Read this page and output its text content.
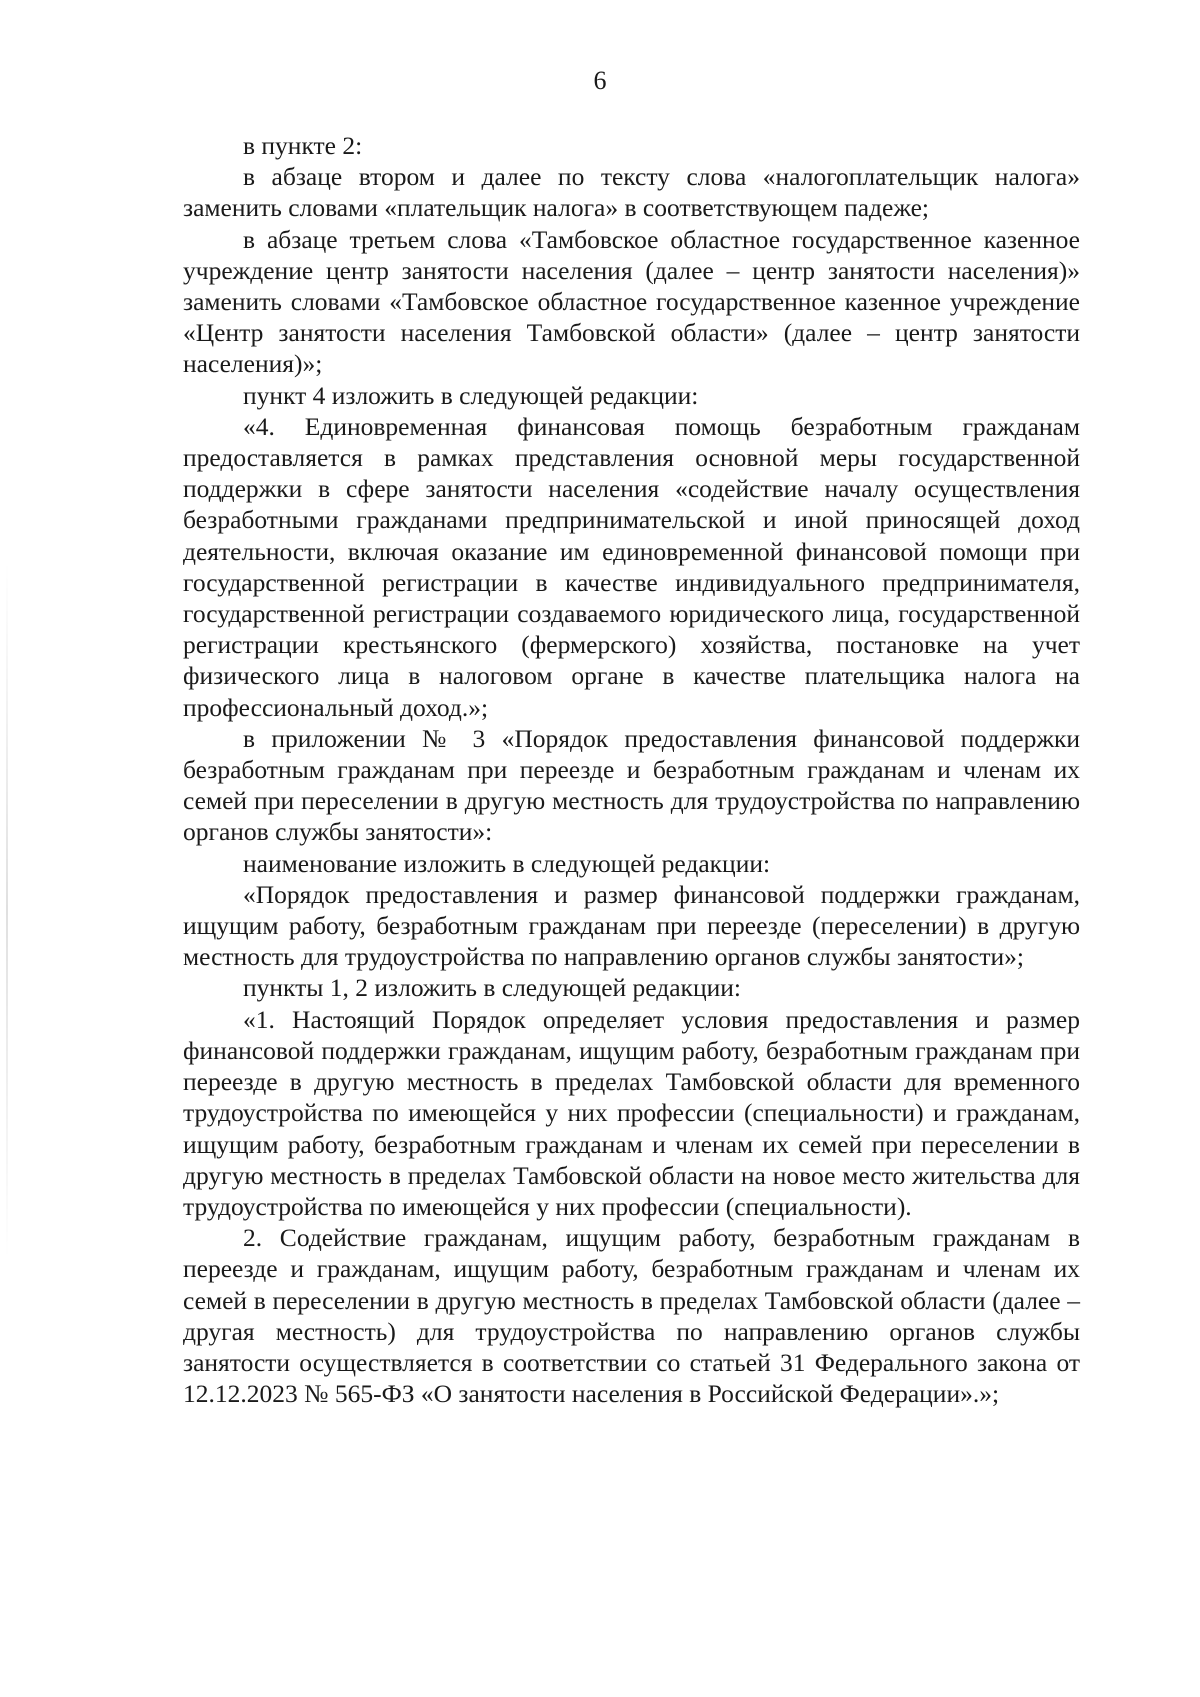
6

в пункте 2:

в абзаце втором и далее по тексту слова «налогоплательщик налога» заменить словами «плательщик налога» в соответствующем падеже;

в абзаце третьем слова «Тамбовское областное государственное казенное учреждение центр занятости населения (далее – центр занятости населения)» заменить словами «Тамбовское областное государственное казенное учреждение «Центр занятости населения Тамбовской области» (далее – центр занятости населения)»;

пункт 4 изложить в следующей редакции:

«4. Единовременная финансовая помощь безработным гражданам предоставляется в рамках представления основной меры государственной поддержки в сфере занятости населения «содействие началу осуществления безработными гражданами предпринимательской и иной приносящей доход деятельности, включая оказание им единовременной финансовой помощи при государственной регистрации в качестве индивидуального предпринимателя, государственной регистрации создаваемого юридического лица, государственной регистрации крестьянского (фермерского) хозяйства, постановке на учет физического лица в налоговом органе в качестве плательщика налога на профессиональный доход.»;

в приложении № 3 «Порядок предоставления финансовой поддержки безработным гражданам при переезде и безработным гражданам и членам их семей при переселении в другую местность для трудоустройства по направлению органов службы занятости»:

наименование изложить в следующей редакции:

«Порядок предоставления и размер финансовой поддержки гражданам, ищущим работу, безработным гражданам при переезде (переселении) в другую местность для трудоустройства по направлению органов службы занятости»;

пункты 1, 2 изложить в следующей редакции:

«1. Настоящий Порядок определяет условия предоставления и размер финансовой поддержки гражданам, ищущим работу, безработным гражданам при переезде в другую местность в пределах Тамбовской области для временного трудоустройства по имеющейся у них профессии (специальности) и гражданам, ищущим работу, безработным гражданам и членам их семей при переселении в другую местность в пределах Тамбовской области на новое место жительства для трудоустройства по имеющейся у них профессии (специальности).

2. Содействие гражданам, ищущим работу, безработным гражданам в переезде и гражданам, ищущим работу, безработным гражданам и членам их семей в переселении в другую местность в пределах Тамбовской области (далее – другая местность) для трудоустройства по направлению органов службы занятости осуществляется в соответствии со статьей 31 Федерального закона от 12.12.2023 № 565-ФЗ «О занятости населения в Российской Федерации».»;
